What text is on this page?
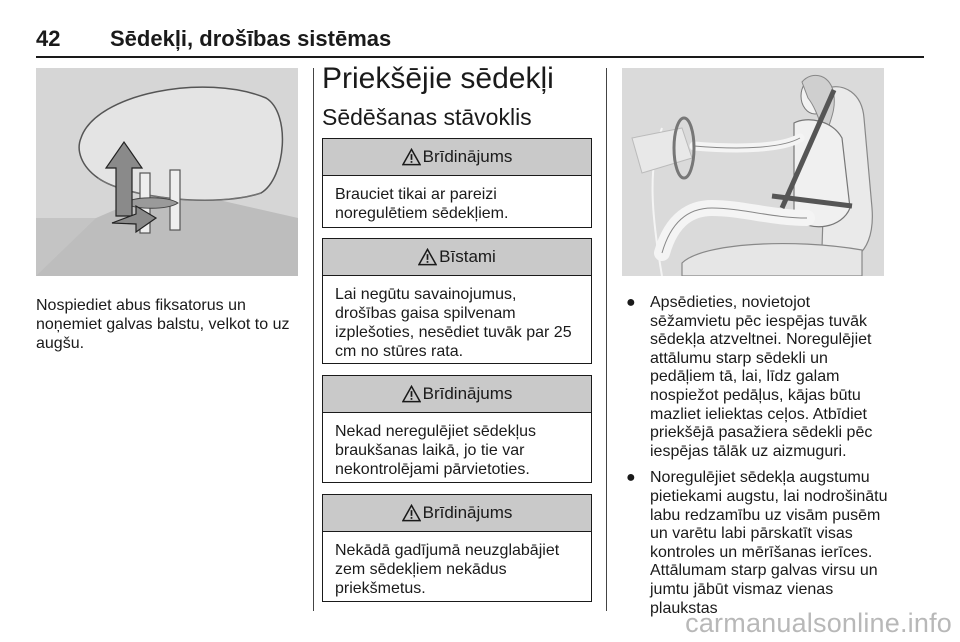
42 Sēdekļi, drošības sistēmas
Nospiediet abus fiksatorus un noņemiet galvas balstu, velkot to uz augšu.
Priekšējie sēdekļi
Sēdēšanas stāvoklis
Brīdinājums
Brauciet tikai ar pareizi noregulētiem sēdekļiem.
Bīstami
Lai negūtu savainojumus, drošības gaisa spilvenam izplešoties, nesēdiet tuvāk par 25 cm no stūres rata.
Brīdinājums
Nekad neregulējiet sēdekļus braukšanas laikā, jo tie var nekontrolējami pārvietoties.
Brīdinājums
Nekādā gadījumā neuzglabājiet zem sēdekļiem nekādus priekšmetus.
● Apsēdieties, novietojot sēžamvietu pēc iespējas tuvāk sēdekļa atzveltnei. Noregulējiet attālumu starp sēdekli un pedāļiem tā, lai, līdz galam nospiežot pedāļus, kājas būtu mazliet ieliektas ceļos. Atbīdiet priekšējā pasažiera sēdekli pēc iespējas tālāk uz aizmuguri.
● Noregulējiet sēdekļa augstumu pietiekami augstu, lai nodrošinātu labu redzamību uz visām pusēm un varētu labi pārskatīt visas kontroles un mērīšanas ierīces. Attālumam starp galvas virsu un jumtu jābūt vismaz vienas plaukstas
carmanualsonline.info
